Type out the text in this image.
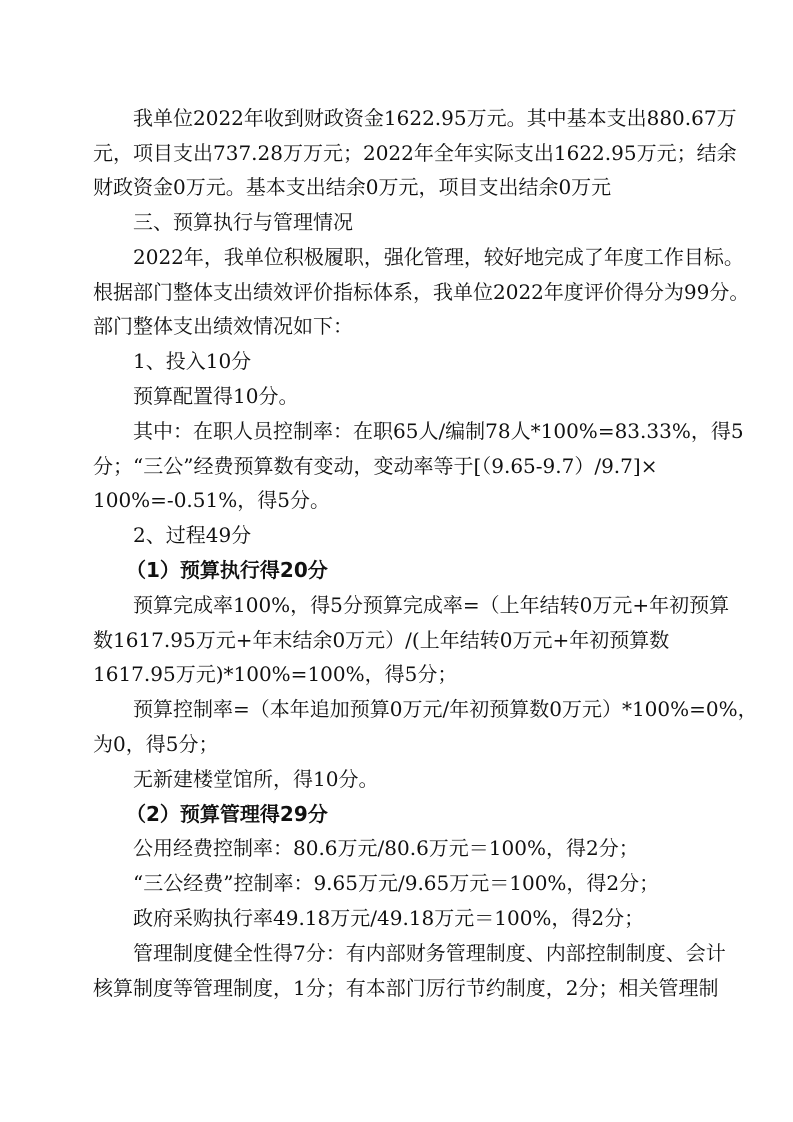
我单位2022年收到财政资金1622.95万元。其中基本支出880.67万
元，项目支出737.28万万元；2022年全年实际支出1622.95万元；结余
财政资金0万元。基本支出结余0万元，项目支出结余0万元
三、预算执行与管理情况
2022年，我单位积极履职，强化管理，较好地完成了年度工作目标。
根据部门整体支出绩效评价指标体系，我单位2022年度评价得分为99分。
部门整体支出绩效情况如下：
1、投入10分
预算配置得10分。
其中：在职人员控制率：在职65人/编制78人*100%=83.33%，得5
分；“三公”经费预算数有变动，变动率等于[（9.65-9.7）/9.7]×
100%=-0.51%，得5分。
2、过程49分
（1）预算执行得20分
预算完成率100%，得5分预算完成率=（上年结转0万元+年初预算
数1617.95万元+年末结余0万元）/(上年结转0万元+年初预算数
1617.95万元)*100%=100%，得5分；
预算控制率=（本年追加预算0万元/年初预算数0万元）*100%=0%，
为0，得5分；
无新建楼堂馆所，得10分。
（2）预算管理得29分
公用经费控制率：80.6万元/80.6万元＝100%，得2分；
“三公经费”控制率：9.65万元/9.65万元＝100%，得2分；
政府采购执行率49.18万元/49.18万元＝100%，得2分；
管理制度健全性得7分：有内部财务管理制度、内部控制制度、会计
核算制度等管理制度，1分；有本部门厉行节约制度，2分；相关管理制
